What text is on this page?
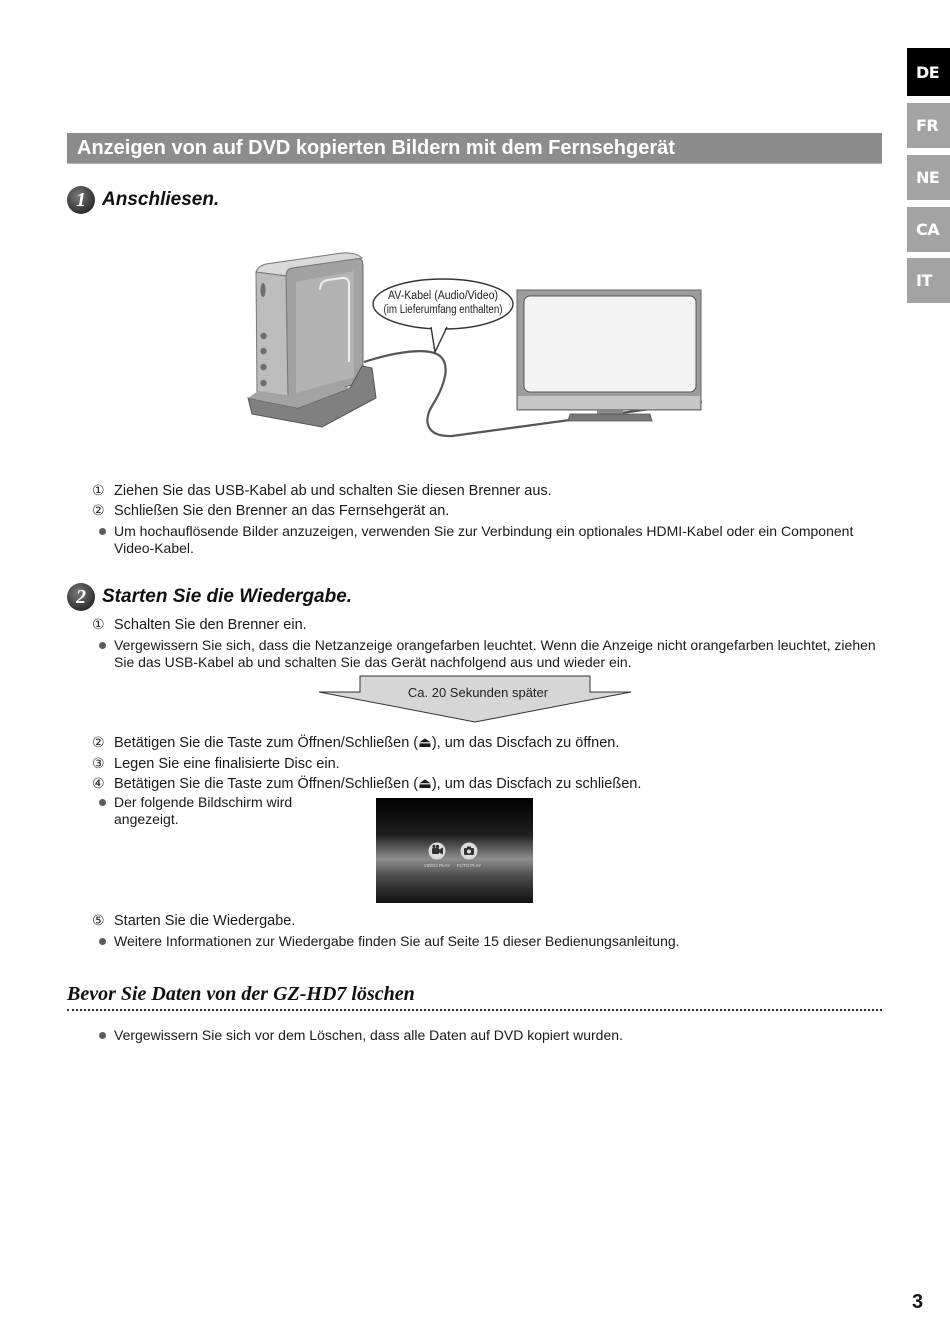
DE
FR
NE
CA
IT
Anzeigen von auf DVD kopierten Bildern mit dem Fernsehgerät
1 Anschliesen.
AV-Kabel (Audio/Video)
(im Lieferumfang enthalten)
① Ziehen Sie das USB-Kabel ab und schalten Sie diesen Brenner aus.
② Schließen Sie den Brenner an das Fernsehgerät an.
Um hochauflösende Bilder anzuzeigen, verwenden Sie zur Verbindung ein optionales HDMI-Kabel oder ein Component Video-Kabel.
2 Starten Sie die Wiedergabe.
① Schalten Sie den Brenner ein.
Vergewissern Sie sich, dass die Netzanzeige orangefarben leuchtet. Wenn die Anzeige nicht orangefarben leuchtet, ziehen Sie das USB-Kabel ab und schalten Sie das Gerät nachfolgend aus und wieder ein.
Ca. 20 Sekunden später
② Betätigen Sie die Taste zum Öffnen/Schließen (⏏), um das Discfach zu öffnen.
③ Legen Sie eine finalisierte Disc ein.
④ Betätigen Sie die Taste zum Öffnen/Schließen (⏏), um das Discfach zu schließen.
Der folgende Bildschirm wird angezeigt.
VIDEO PLAY FOTO PLAY
⑤ Starten Sie die Wiedergabe.
Weitere Informationen zur Wiedergabe finden Sie auf Seite 15 dieser Bedienungsanleitung.
Bevor Sie Daten von der GZ-HD7 löschen
Vergewissern Sie sich vor dem Löschen, dass alle Daten auf DVD kopiert wurden.
3
